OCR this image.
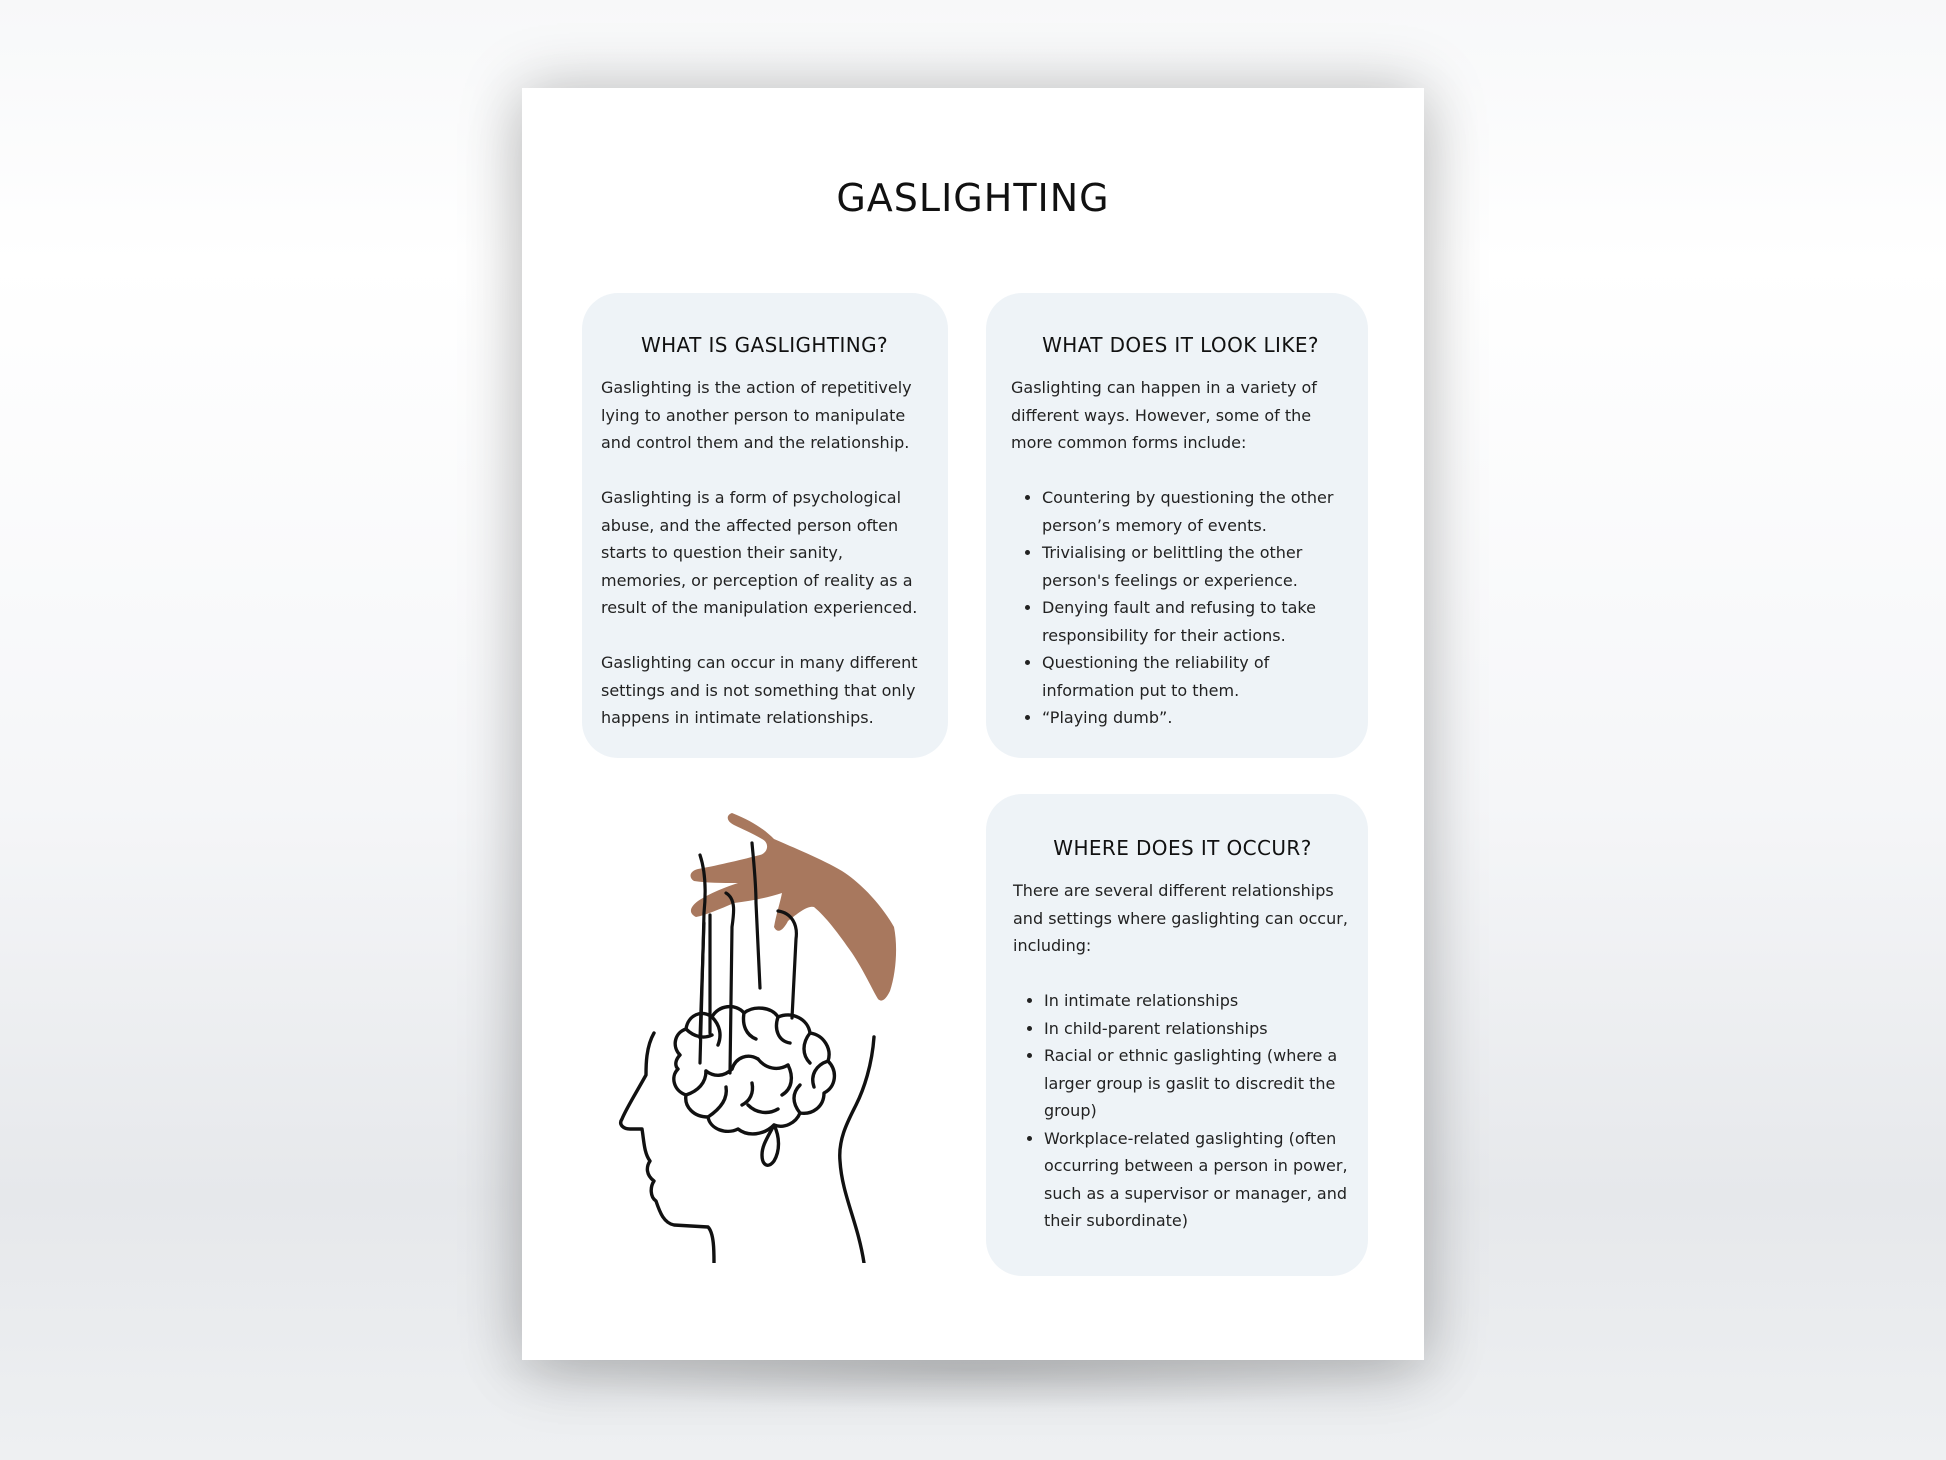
GASLIGHTING
WHAT IS GASLIGHTING?

Gaslighting is the action of repetitively lying to another person to manipulate and control them and the relationship.

Gaslighting is a form of psychological abuse, and the affected person often starts to question their sanity, memories, or perception of reality as a result of the manipulation experienced.

Gaslighting can occur in many different settings and is not something that only happens in intimate relationships.

WHAT DOES IT LOOK LIKE?

Gaslighting can happen in a variety of different ways. However, some of the more common forms include:

• Countering by questioning the other person’s memory of events.
• Trivialising or belittling the other person's feelings or experience.
• Denying fault and refusing to take responsibility for their actions.
• Questioning the reliability of information put to them.
• “Playing dumb”.
WHERE DOES IT OCCUR?

There are several different relationships and settings where gaslighting can occur, including:

• In intimate relationships
• In child-parent relationships
• Racial or ethnic gaslighting (where a larger group is gaslit to discredit the group)
• Workplace-related gaslighting (often occurring between a person in power, such as a supervisor or manager, and their subordinate)
